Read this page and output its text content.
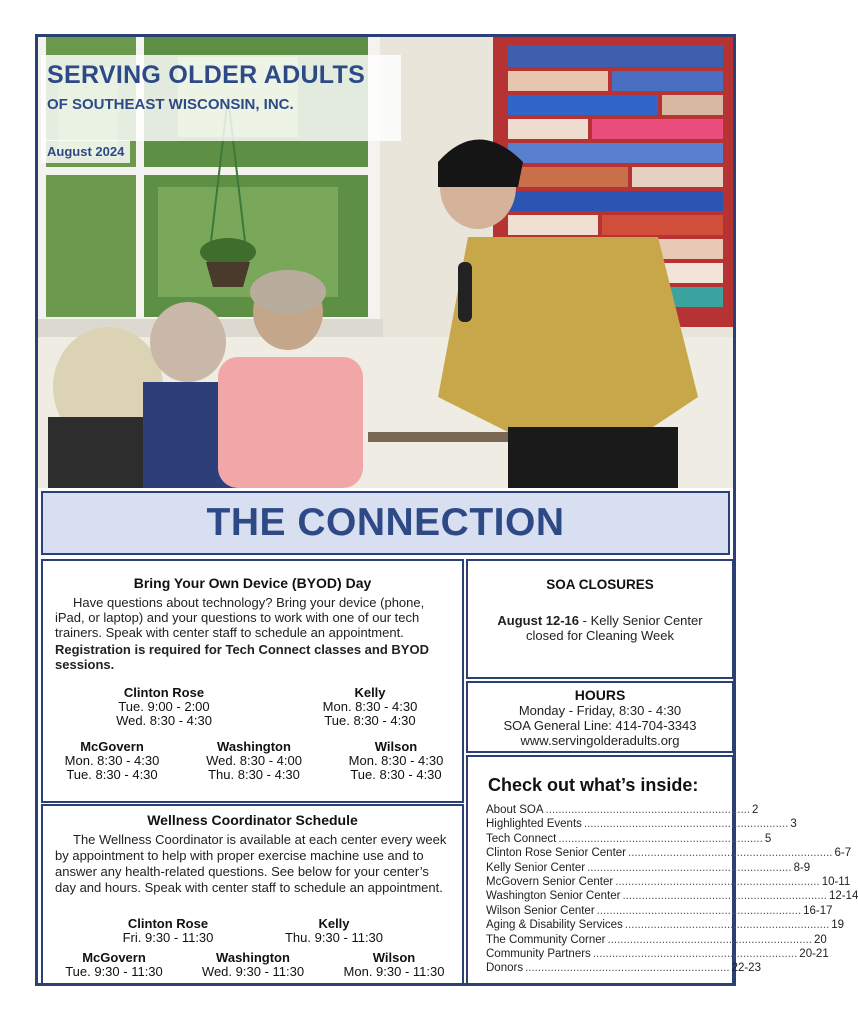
SERVING OLDER ADULTS
OF SOUTHEAST WISCONSIN, INC.
August 2024
THE CONNECTION
Bring Your Own Device (BYOD) Day
Have questions about technology? Bring your device (phone, iPad, or laptop) and your questions to work with one of our tech trainers. Speak with center staff to schedule an appointment.
Registration is required for Tech Connect classes and BYOD sessions.
Clinton Rose
Tue. 9:00 - 2:00
Wed. 8:30 - 4:30
Kelly
Mon. 8:30 - 4:30
Tue. 8:30 - 4:30
McGovern
Mon. 8:30 - 4:30
Tue. 8:30 - 4:30
Washington
Wed. 8:30 - 4:00
Thu. 8:30 - 4:30
Wilson
Mon. 8:30 - 4:30
Tue. 8:30 - 4:30
Wellness Coordinator Schedule
The Wellness Coordinator is available at each center every week by appointment to help with proper exercise machine use and to answer any health-related questions. See below for your center’s day and hours. Speak with center staff to schedule an appointment.
Clinton Rose
Fri. 9:30 - 11:30
Kelly
Thu. 9:30 - 11:30
McGovern
Tue. 9:30 - 11:30
Washington
Wed. 9:30 - 11:30
Wilson
Mon. 9:30 - 11:30
SOA CLOSURES
August 12-16 - Kelly Senior Center closed for Cleaning Week
HOURS
Monday - Friday, 8:30 - 4:30
SOA General Line: 414-704-3343
www.servingolderadults.org
Check out what’s inside:
About SOA ................................................................ 2
Highlighted Events ................................................................ 3
Tech Connect ................................................................ 5
Clinton Rose Senior Center ................................................................ 6-7
Kelly Senior Center ................................................................ 8-9
McGovern Senior Center ................................................................ 10-11
Washington Senior Center ................................................................ 12-14
Wilson Senior Center ................................................................ 16-17
Aging & Disability Services ................................................................ 19
The Community Corner ................................................................ 20
Community Partners ................................................................ 20-21
Donors ................................................................ 22-23
